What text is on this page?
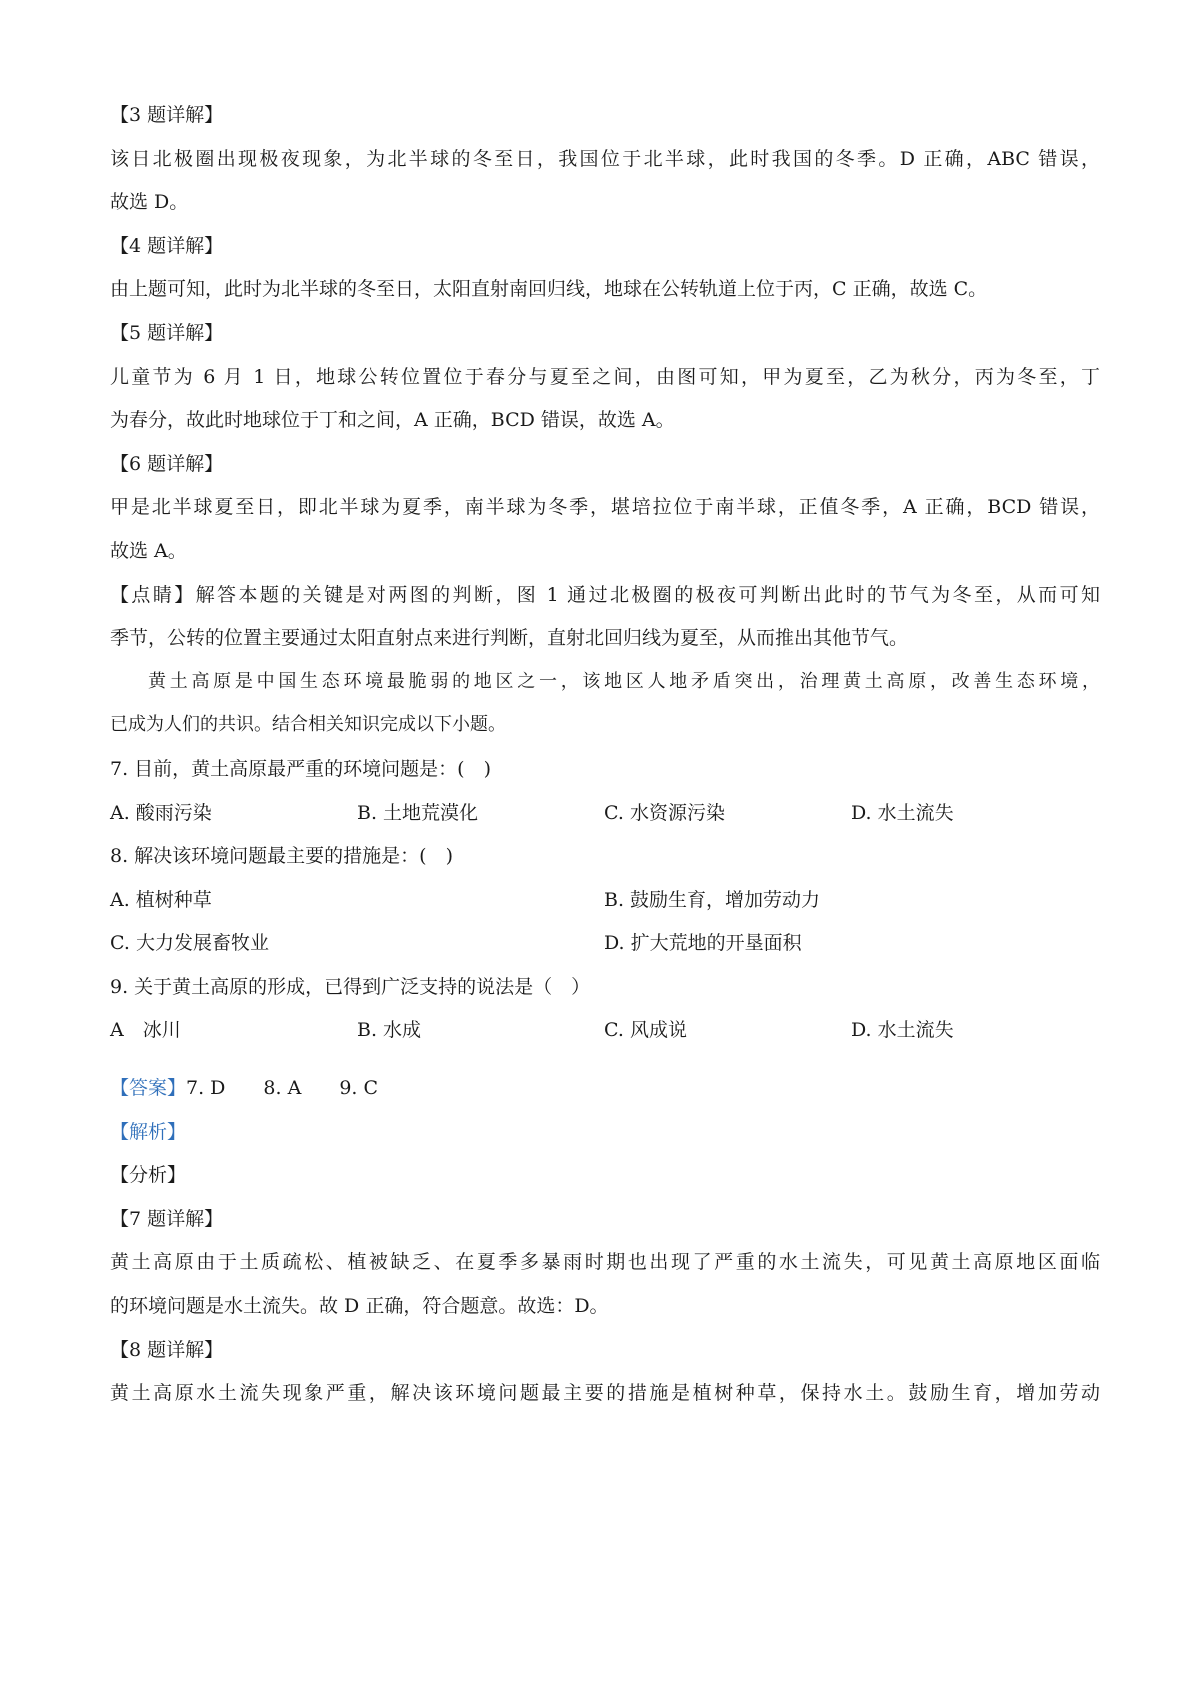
【3 题详解】
该日北极圈出现极夜现象，为北半球的冬至日，我国位于北半球，此时我国的冬季。D 正确，ABC 错误，
故选 D。
【4 题详解】
由上题可知，此时为北半球的冬至日，太阳直射南回归线，地球在公转轨道上位于丙，C 正确，故选 C。
【5 题详解】
儿童节为 6 月 1 日，地球公转位置位于春分与夏至之间，由图可知，甲为夏至，乙为秋分，丙为冬至，丁
为春分，故此时地球位于丁和之间，A 正确，BCD 错误，故选 A。
【6 题详解】
甲是北半球夏至日，即北半球为夏季，南半球为冬季，堪培拉位于南半球，正值冬季，A 正确，BCD 错误，
故选 A。
【点睛】解答本题的关键是对两图的判断，图 1 通过北极圈的极夜可判断出此时的节气为冬至，从而可知
季节，公转的位置主要通过太阳直射点来进行判断，直射北回归线为夏至，从而推出其他节气。
黄土高原是中国生态环境最脆弱的地区之一，该地区人地矛盾突出，治理黄土高原，改善生态环境，
已成为人们的共识。结合相关知识完成以下小题。
7. 目前，黄土高原最严重的环境问题是：(　)
A. 酸雨污染	B. 土地荒漠化	C. 水资源污染	D. 水土流失
8. 解决该环境问题最主要的措施是：(　)
A. 植树种草	B. 鼓励生育，增加劳动力
C. 大力发展畜牧业	D. 扩大荒地的开垦面积
9. 关于黄土高原的形成，已得到广泛支持的说法是（　）
A　冰川	B. 水成	C. 风成说	D. 水土流失
【答案】7. D 8. A 9. C
【解析】
【分析】
【7 题详解】
黄土高原由于土质疏松、植被缺乏、在夏季多暴雨时期也出现了严重的水土流失，可见黄土高原地区面临
的环境问题是水土流失。故 D 正确，符合题意。故选：D。
【8 题详解】
黄土高原水土流失现象严重，解决该环境问题最主要的措施是植树种草，保持水土。鼓励生育，增加劳动
